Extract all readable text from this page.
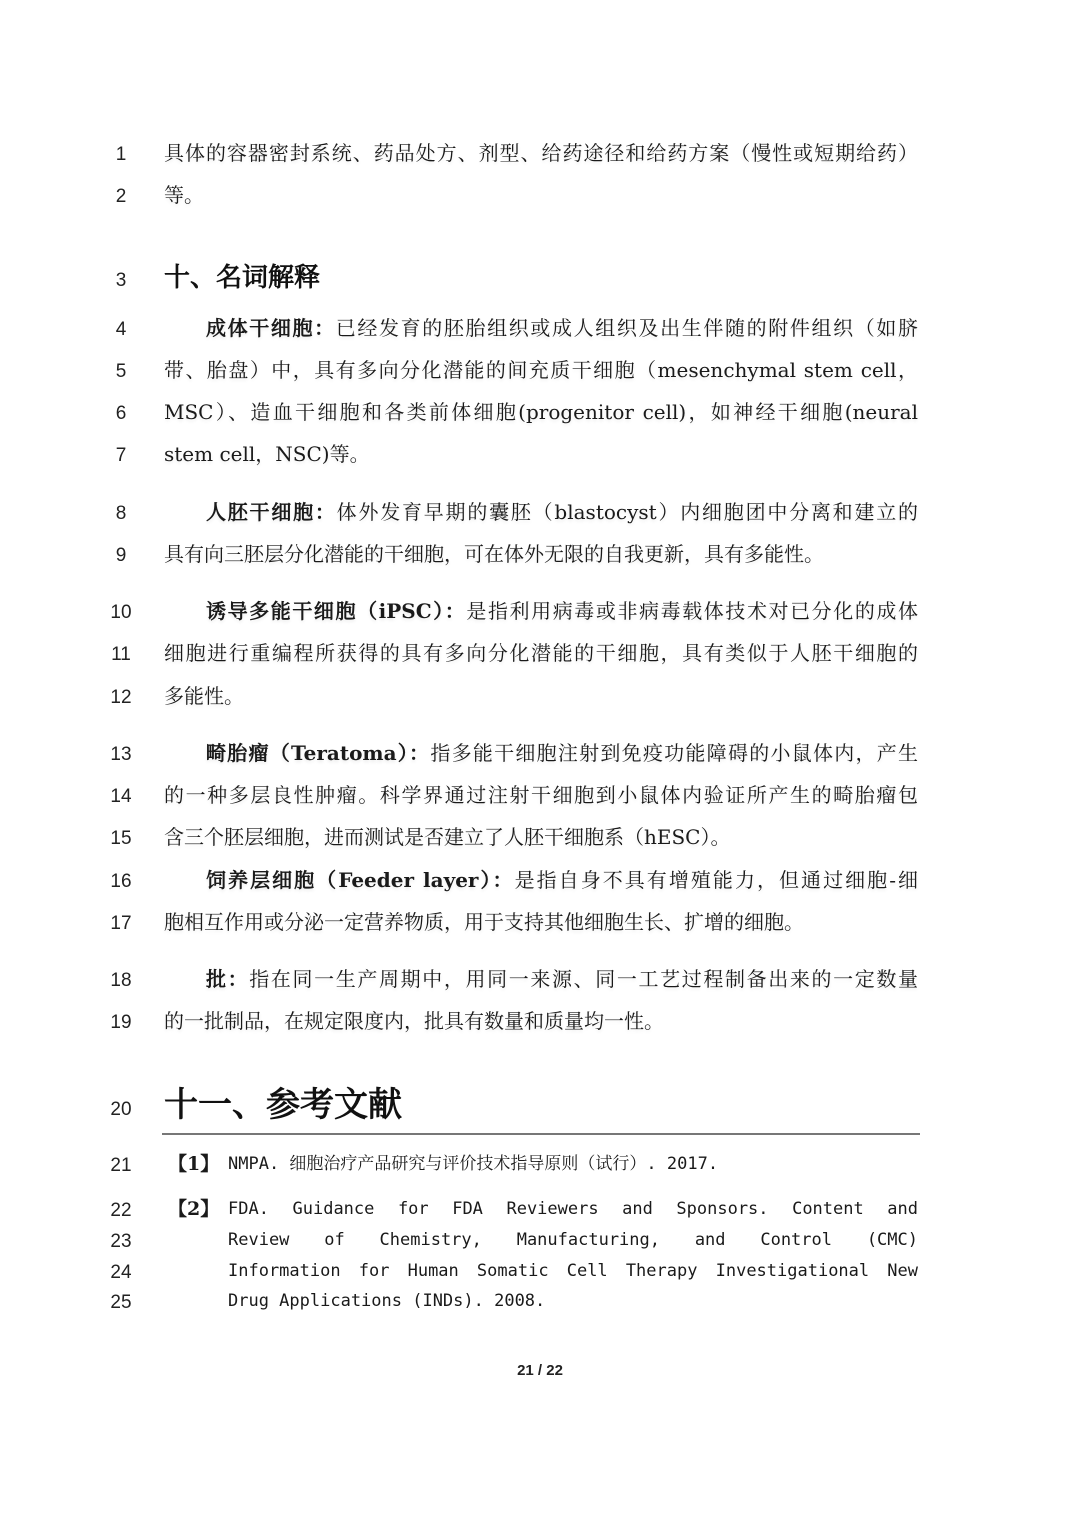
1
2
3
4
5
6
7
8
9
10
11
12
13
14
15
16
17
18
19
20
21
22
23
24
25
具体的容器密封系统、药品处方、剂型、给药途径和给药方案（慢性或短期给药）
等。
十、名词解释
成体干细胞：已经发育的胚胎组织或成人组织及出生伴随的附件组织（如脐
带、胎盘）中，具有多向分化潜能的间充质干细胞（mesenchymal stem cell，
MSC）、造血干细胞和各类前体细胞(progenitor cell)，如神经干细胞(neural
stem cell，NSC)等。
人胚干细胞：体外发育早期的囊胚（blastocyst）内细胞团中分离和建立的
具有向三胚层分化潜能的干细胞，可在体外无限的自我更新，具有多能性。
诱导多能干细胞（iPSC）：是指利用病毒或非病毒载体技术对已分化的成体
细胞进行重编程所获得的具有多向分化潜能的干细胞，具有类似于人胚干细胞的
多能性。
畸胎瘤（Teratoma）：指多能干细胞注射到免疫功能障碍的小鼠体内，产生
的一种多层良性肿瘤。科学界通过注射干细胞到小鼠体内验证所产生的畸胎瘤包
含三个胚层细胞，进而测试是否建立了人胚干细胞系（hESC）。
饲养层细胞（Feeder layer）：是指自身不具有增殖能力，但通过细胞-细
胞相互作用或分泌一定营养物质，用于支持其他细胞生长、扩增的细胞。
批：指在同一生产周期中，用同一来源、同一工艺过程制备出来的一定数量
的一批制品，在规定限度内，批具有数量和质量均一性。
十一、参考文献
【1】 NMPA. 细胞治疗产品研究与评价技术指导原则（试行）. 2017.
【2】 FDA. Guidance for FDA Reviewers and Sponsors. Content and
Review of Chemistry, Manufacturing, and Control (CMC)
Information for Human Somatic Cell Therapy Investigational New
Drug Applications (INDs). 2008.
21 / 22
